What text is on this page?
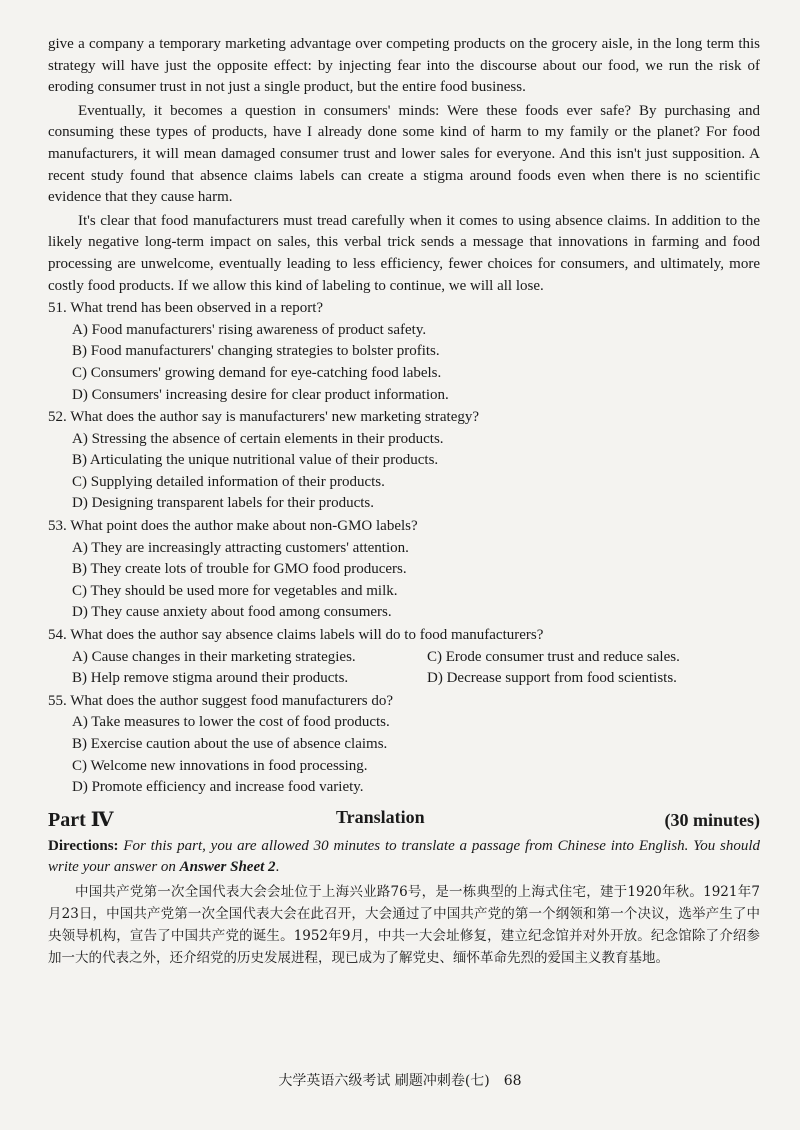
give a company a temporary marketing advantage over competing products on the grocery aisle, in the long term this strategy will have just the opposite effect: by injecting fear into the discourse about our food, we run the risk of eroding consumer trust in not just a single product, but the entire food business.

Eventually, it becomes a question in consumers' minds: Were these foods ever safe? By purchasing and consuming these types of products, have I already done some kind of harm to my family or the planet? For food manufacturers, it will mean damaged consumer trust and lower sales for everyone. And this isn't just supposition. A recent study found that absence claims labels can create a stigma around foods even when there is no scientific evidence that they cause harm.

It's clear that food manufacturers must tread carefully when it comes to using absence claims. In addition to the likely negative long-term impact on sales, this verbal trick sends a message that innovations in farming and food processing are unwelcome, eventually leading to less efficiency, fewer choices for consumers, and ultimately, more costly food products. If we allow this kind of labeling to continue, we will all lose.

51. What trend has been observed in a report?

A) Food manufacturers' rising awareness of product safety.

B) Food manufacturers' changing strategies to bolster profits.

C) Consumers' growing demand for eye-catching food labels.

D) Consumers' increasing desire for clear product information.

52. What does the author say is manufacturers' new marketing strategy?

A) Stressing the absence of certain elements in their products.

B) Articulating the unique nutritional value of their products.

C) Supplying detailed information of their products.

D) Designing transparent labels for their products.

53. What point does the author make about non-GMO labels?

A) They are increasingly attracting customers' attention.

B) They create lots of trouble for GMO food producers.

C) They should be used more for vegetables and milk.

D) They cause anxiety about food among consumers.

54. What does the author say absence claims labels will do to food manufacturers?

A) Cause changes in their marketing strategies.	C) Erode consumer trust and reduce sales.

B) Help remove stigma around their products.	D) Decrease support from food scientists.

55. What does the author suggest food manufacturers do?

A) Take measures to lower the cost of food products.

B) Exercise caution about the use of absence claims.

C) Welcome new innovations in food processing.

D) Promote efficiency and increase food variety.

Part Ⅳ	Translation	(30 minutes)

Directions: For this part, you are allowed 30 minutes to translate a passage from Chinese into English. You should write your answer on Answer Sheet 2.

中国共产党第一次全国代表大会会址位于上海兴业路76号，是一栋典型的上海式住宅，建于1920年秋。1921年7月23日，中国共产党第一次全国代表大会在此召开，大会通过了中国共产党的第一个纲领和第一个决议，选举产生了中央领导机构，宣告了中国共产党的诞生。1952年9月，中共一大会址修复，建立纪念馆并对外开放。纪念馆除了介绍参加一大的代表之外，还介绍党的历史发展进程，现已成为了解党史、缅怀革命先烈的爱国主义教育基地。

大学英语六级考试 刷题冲刺卷(七)　68
